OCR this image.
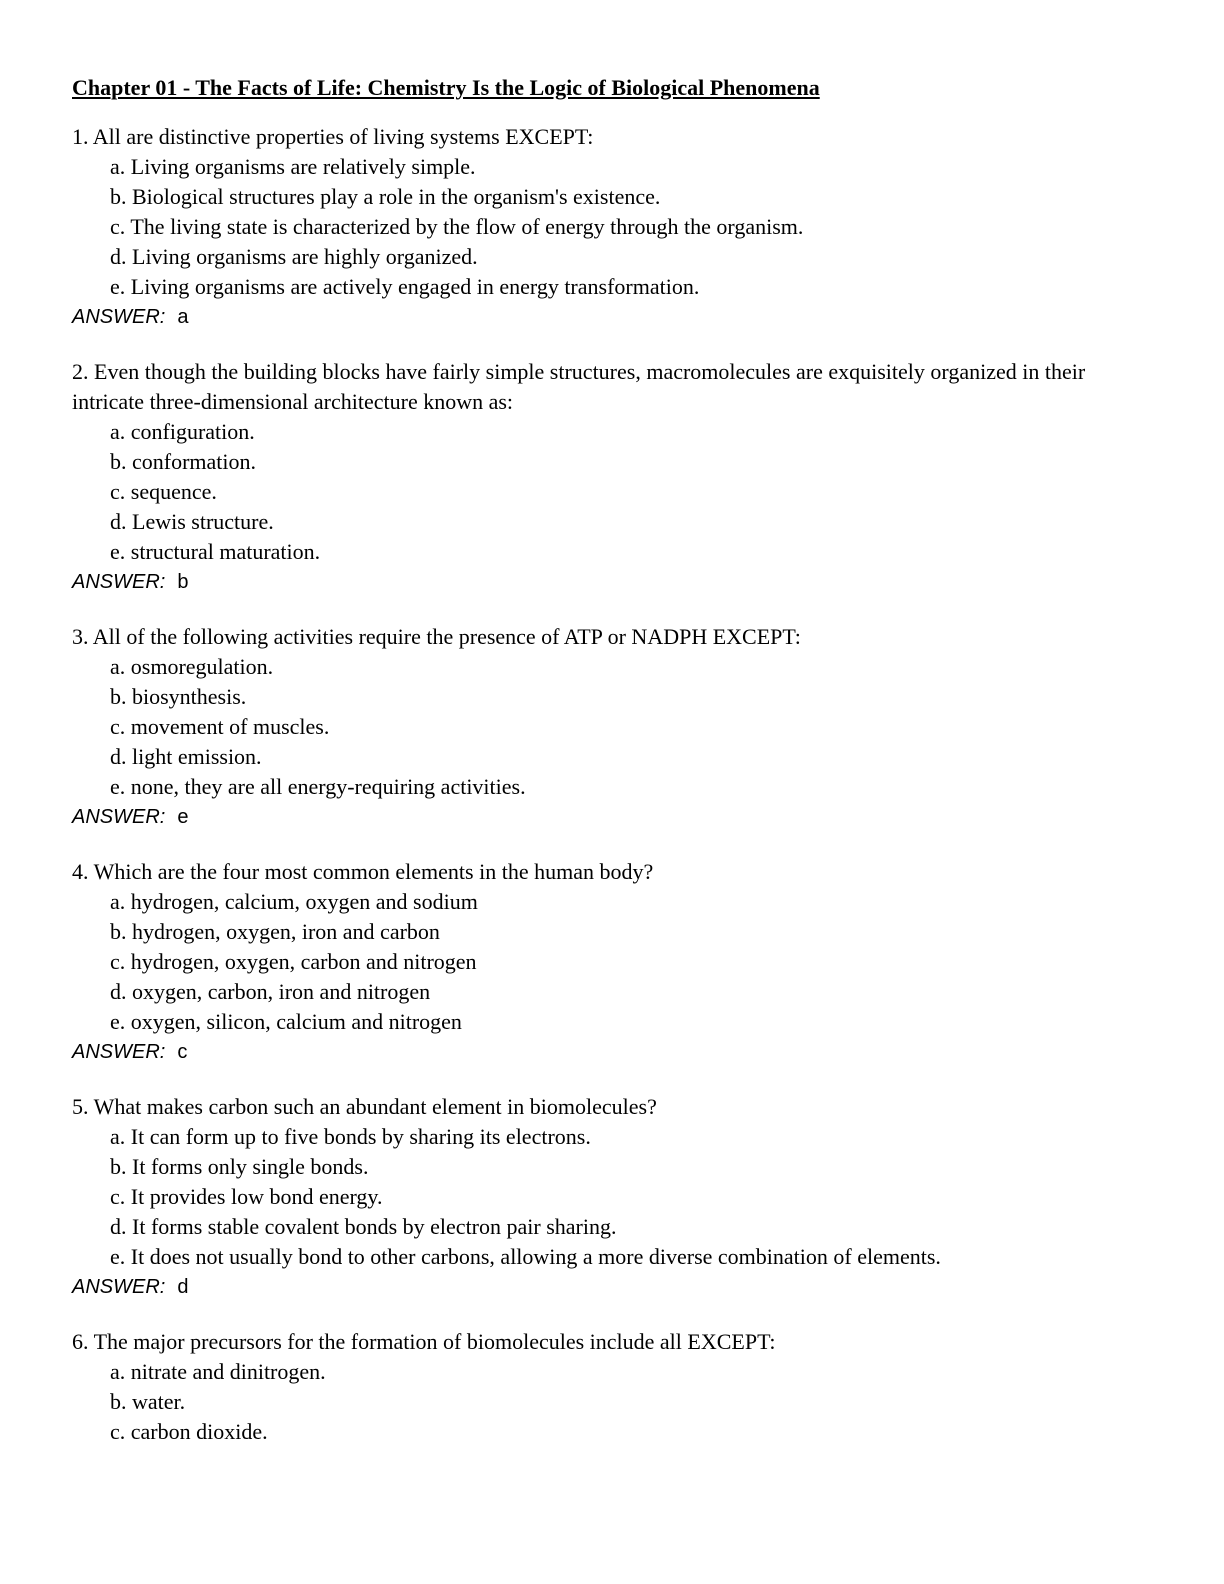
Chapter 01 - The Facts of Life: Chemistry Is the Logic of Biological Phenomena

1. All are distinctive properties of living systems EXCEPT:

a. Living organisms are relatively simple.

b. Biological structures play a role in the organism's existence.

c. The living state is characterized by the flow of energy through the organism.

d. Living organisms are highly organized.

e. Living organisms are actively engaged in energy transformation.

ANSWER: a

2. Even though the building blocks have fairly simple structures, macromolecules are exquisitely organized in their intricate three-dimensional architecture known as:

a. configuration.

b. conformation.

c. sequence.

d. Lewis structure.

e. structural maturation.

ANSWER: b

3. All of the following activities require the presence of ATP or NADPH EXCEPT:

a. osmoregulation.

b. biosynthesis.

c. movement of muscles.

d. light emission.

e. none, they are all energy-requiring activities.

ANSWER: e

4. Which are the four most common elements in the human body?

a. hydrogen, calcium, oxygen and sodium

b. hydrogen, oxygen, iron and carbon

c. hydrogen, oxygen, carbon and nitrogen

d. oxygen, carbon, iron and nitrogen

e. oxygen, silicon, calcium and nitrogen

ANSWER: c

5. What makes carbon such an abundant element in biomolecules?

a. It can form up to five bonds by sharing its electrons.

b. It forms only single bonds.

c. It provides low bond energy.

d. It forms stable covalent bonds by electron pair sharing.

e. It does not usually bond to other carbons, allowing a more diverse combination of elements.

ANSWER: d

6. The major precursors for the formation of biomolecules include all EXCEPT:

a. nitrate and dinitrogen.

b. water.

c. carbon dioxide.
